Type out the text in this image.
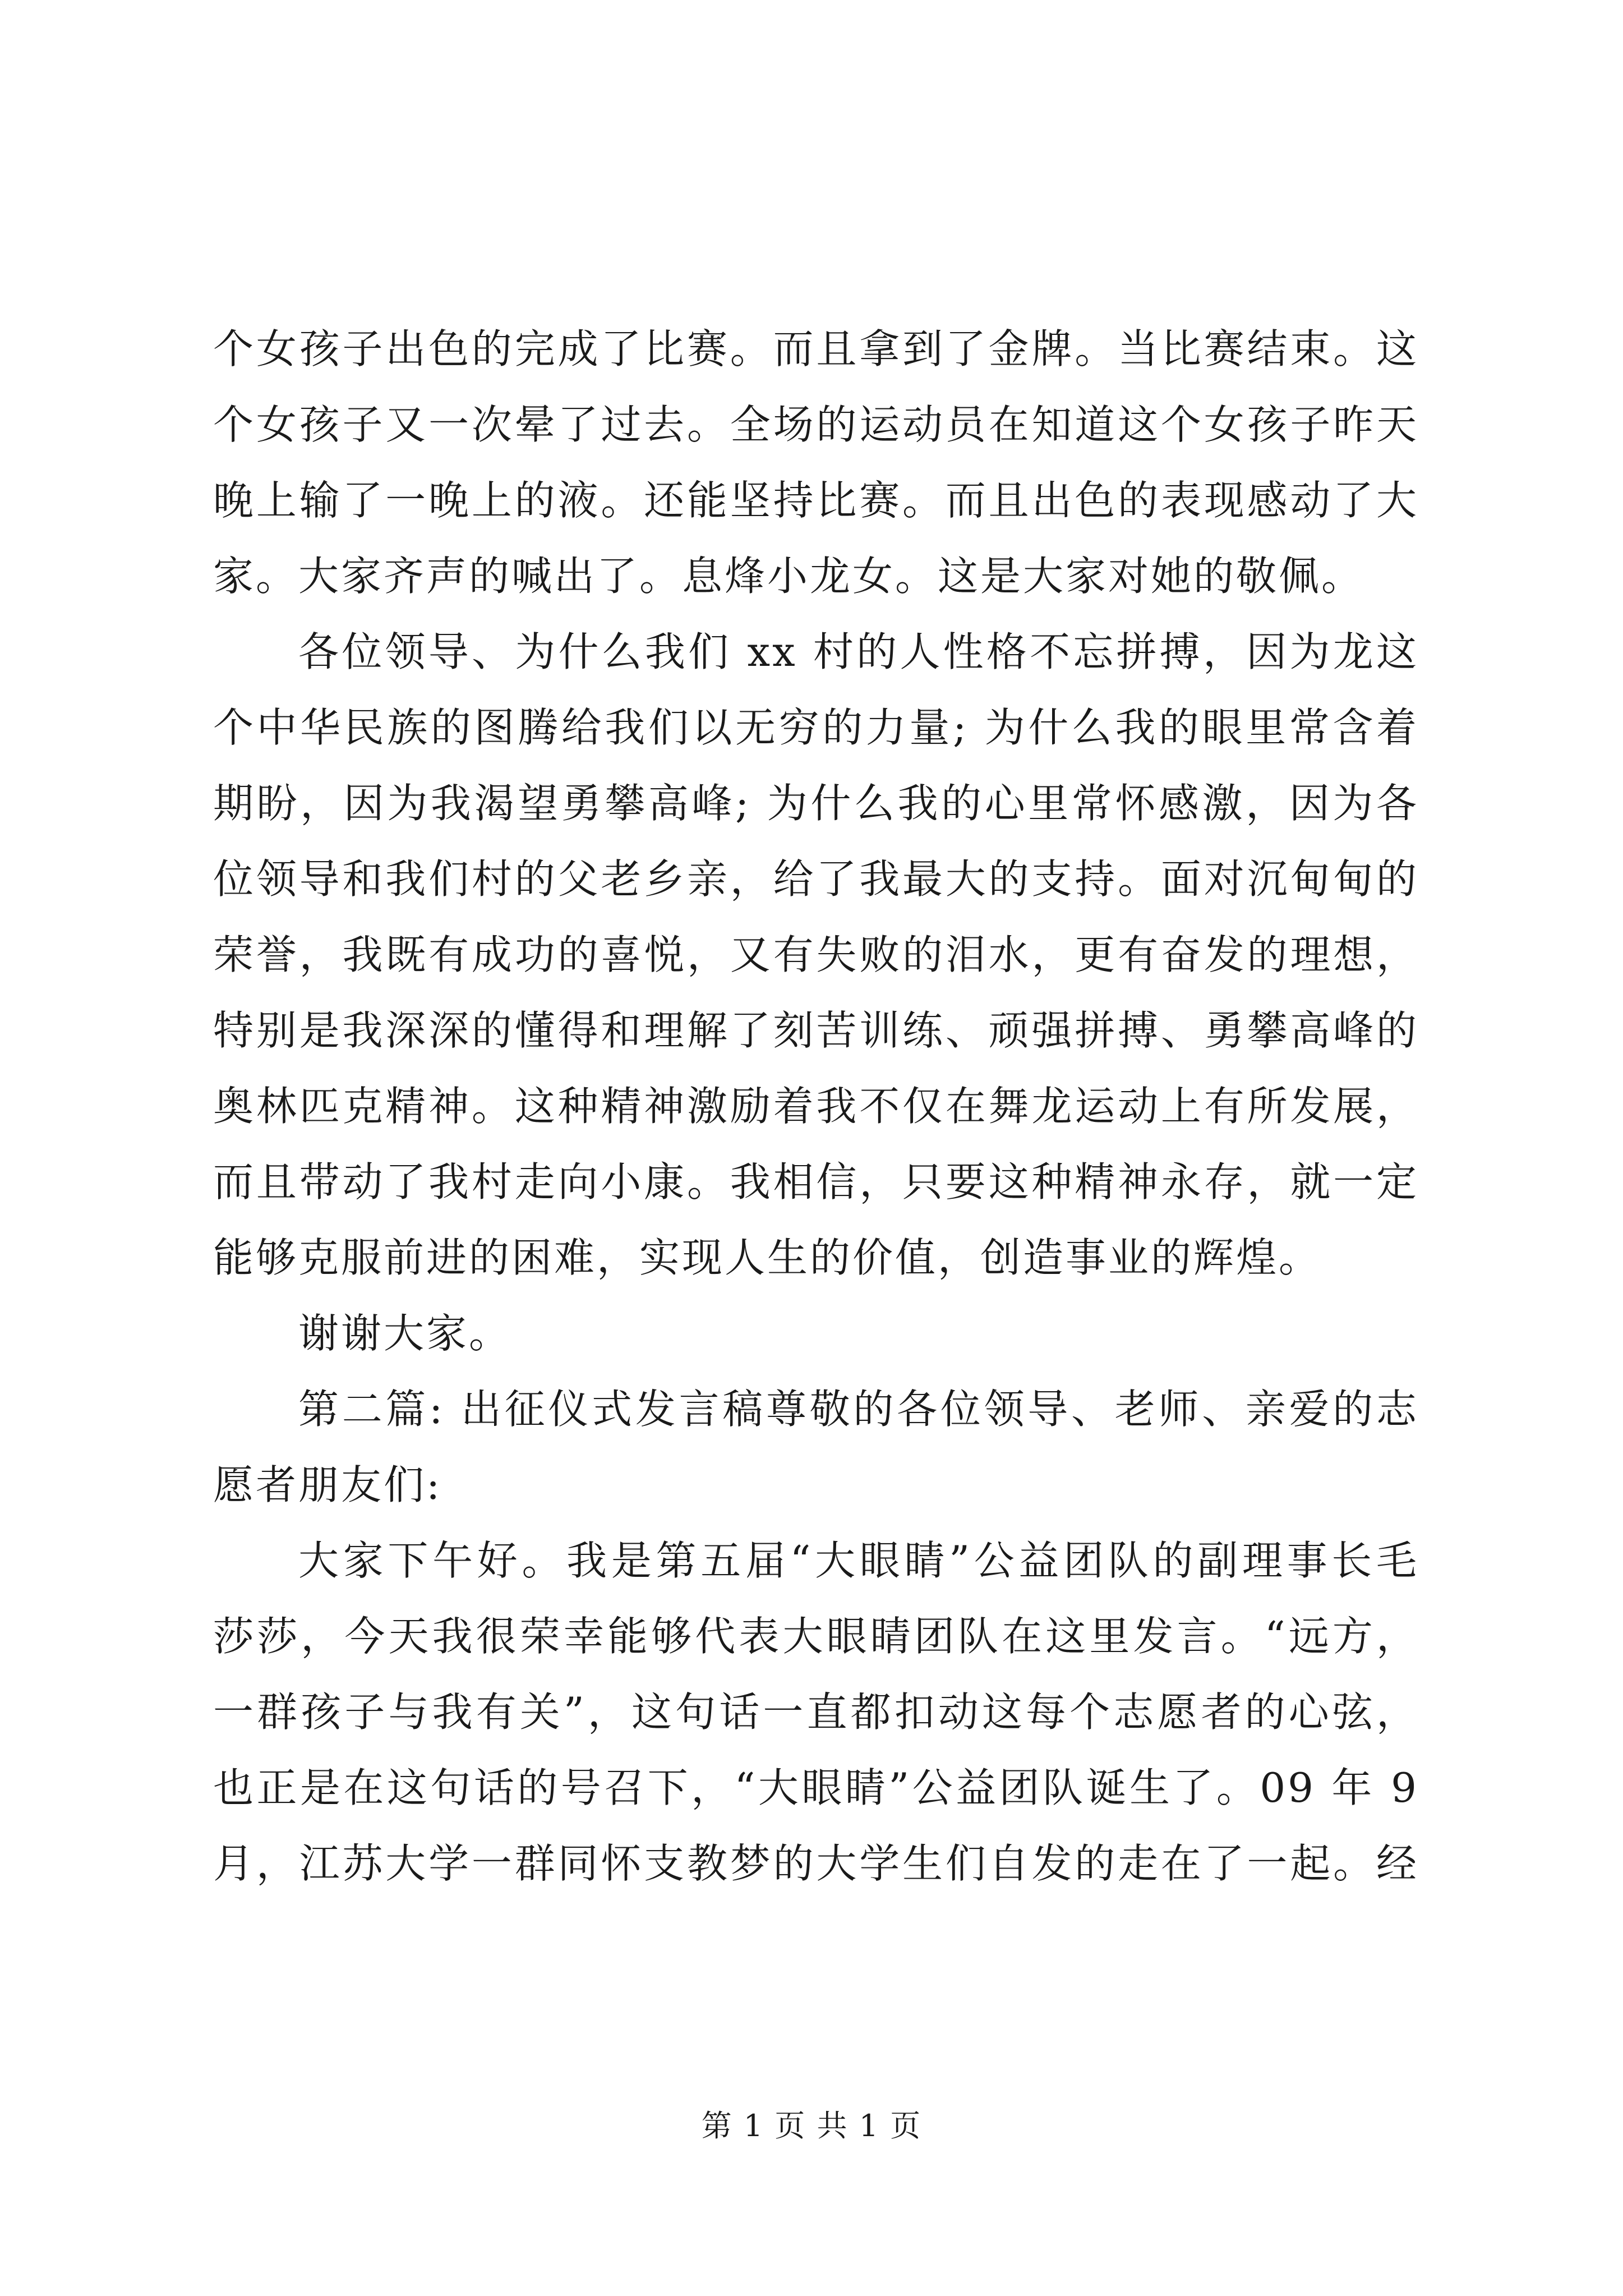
个女孩子出色的完成了比赛。而且拿到了金牌。当比赛结束。这
个女孩子又一次晕了过去。全场的运动员在知道这个女孩子昨天
晚上输了一晚上的液。还能坚持比赛。而且出色的表现感动了大
家。大家齐声的喊出了。息烽小龙女。这是大家对她的敬佩。
各位领导、为什么我们 xx 村的人性格不忘拼搏，因为龙这
个中华民族的图腾给我们以无穷的力量; 为什么我的眼里常含着
期盼，因为我渴望勇攀高峰; 为什么我的心里常怀感激，因为各
位领导和我们村的父老乡亲，给了我最大的支持。面对沉甸甸的
荣誉，我既有成功的喜悦，又有失败的泪水，更有奋发的理想，
特别是我深深的懂得和理解了刻苦训练、顽强拼搏、勇攀高峰的
奥林匹克精神。这种精神激励着我不仅在舞龙运动上有所发展，
而且带动了我村走向小康。我相信，只要这种精神永存，就一定
能够克服前进的困难，实现人生的价值，创造事业的辉煌。
谢谢大家。
第二篇: 出征仪式发言稿尊敬的各位领导、老师、亲爱的志
愿者朋友们:
大家下午好。我是第五届“大眼睛”公益团队的副理事长毛
莎莎，今天我很荣幸能够代表大眼睛团队在这里发言。“远方，
一群孩子与我有关”，这句话一直都扣动这每个志愿者的心弦，
也正是在这句话的号召下，“大眼睛”公益团队诞生了。09 年 9
月，江苏大学一群同怀支教梦的大学生们自发的走在了一起。经
第 1 页 共 1 页
